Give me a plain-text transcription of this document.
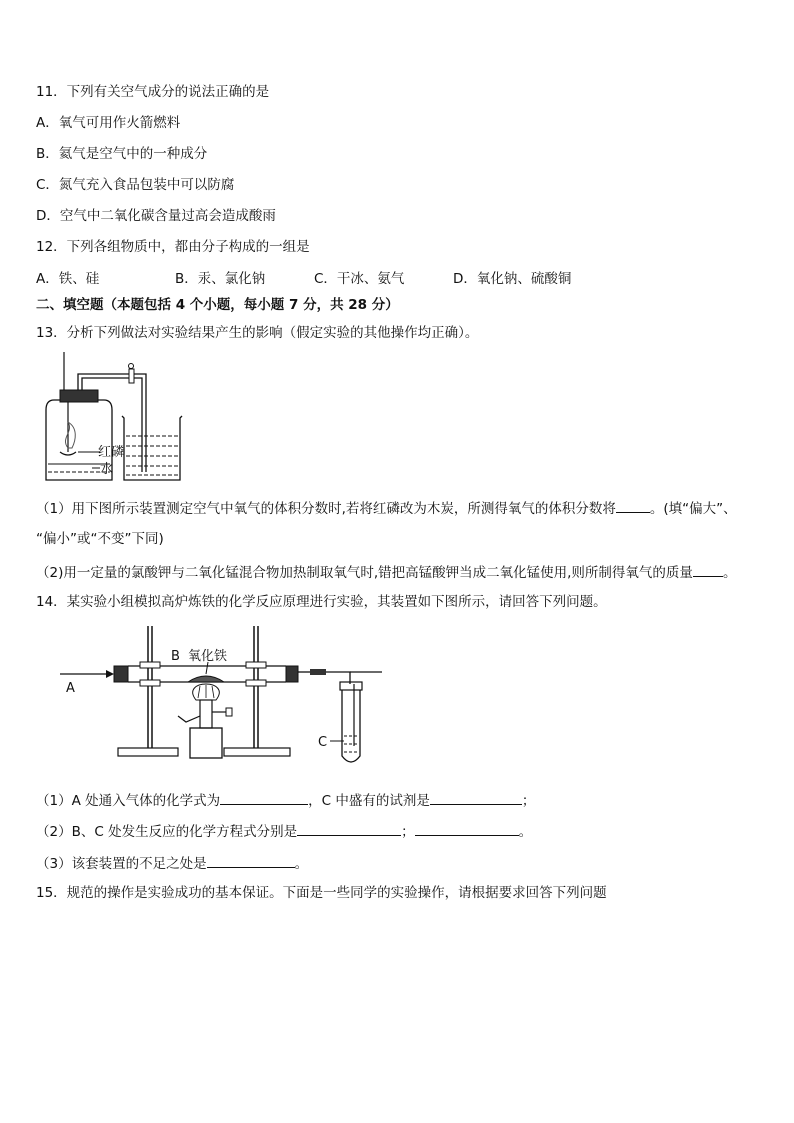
11．下列有关空气成分的说法正确的是
A．氧气可用作火箭燃料
B．氦气是空气中的一种成分
C．氮气充入食品包装中可以防腐
D．空气中二氧化碳含量过高会造成酸雨
12．下列各组物质中，都由分子构成的一组是
A．铁、硅	B．汞、氯化钠	C．干冰、氨气	D．氧化钠、硫酸铜
二、填空题（本题包括 4 个小题，每小题 7 分，共 28 分）
13．分析下列做法对实验结果产生的影响（假定实验的其他操作均正确）。
红磷
水
（1）用下图所示装置测定空气中氧气的体积分数时,若将红磷改为木炭，所测得氧气的体积分数将	。(填“偏大”、
“偏小”或“不变”下同)
（2)用一定量的氯酸钾与二氧化锰混合物加热制取氧气时,错把高锰酸钾当成二氧化锰使用,则所制得氧气的质量 。
14．某实验小组模拟高炉炼铁的化学反应原理进行实验，其装置如下图所示，请回答下列问题。
A
B 氧化铁
C
（1）A 处通入气体的化学式为	，C 中盛有的试剂是	；
（2）B、C 处发生反应的化学方程式分别是	；	。
（3）该套装置的不足之处是	。
15．规范的操作是实验成功的基本保证。下面是一些同学的实验操作，请根据要求回答下列问题
